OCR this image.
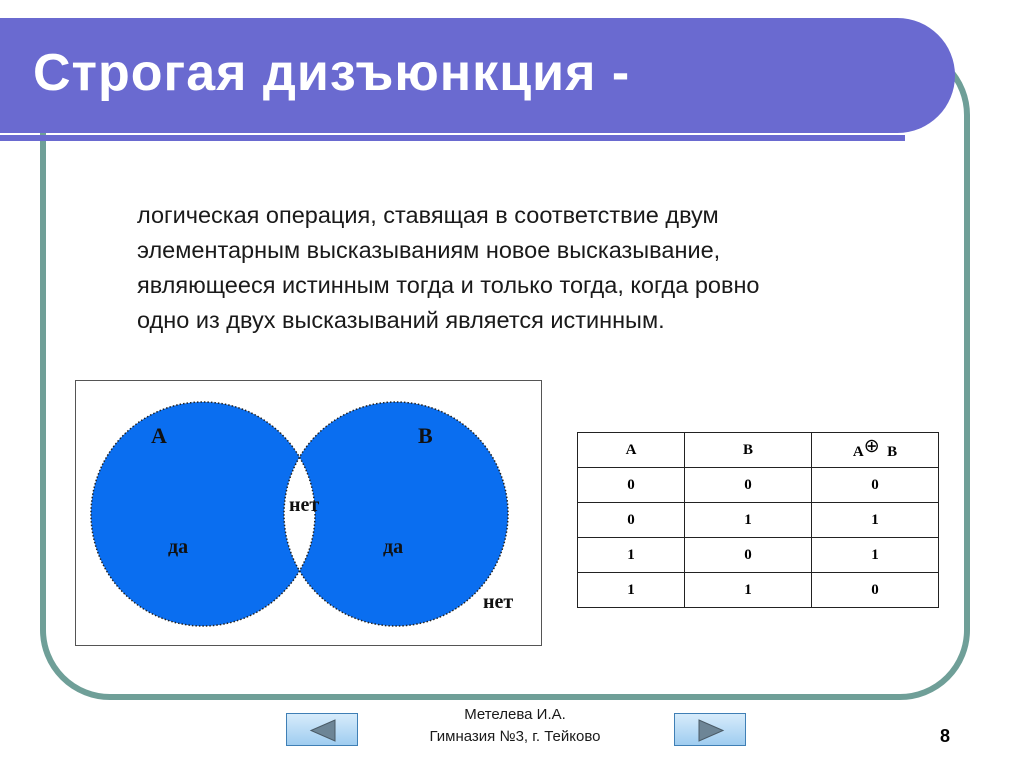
Строгая дизъюнкция -
логическая операция, ставящая в соответствие двум
элементарным высказываниям новое высказывание,
являющееся истинным тогда и только тогда, когда ровно
одно из двух высказываний является истинным.
A	B
да	да
нет
нет
A	B	A⊕ B
0	0	0
0	1	1
1	0	1
1	1	0
Метелева И.А.
Гимназия №3, г. Тейково	8
